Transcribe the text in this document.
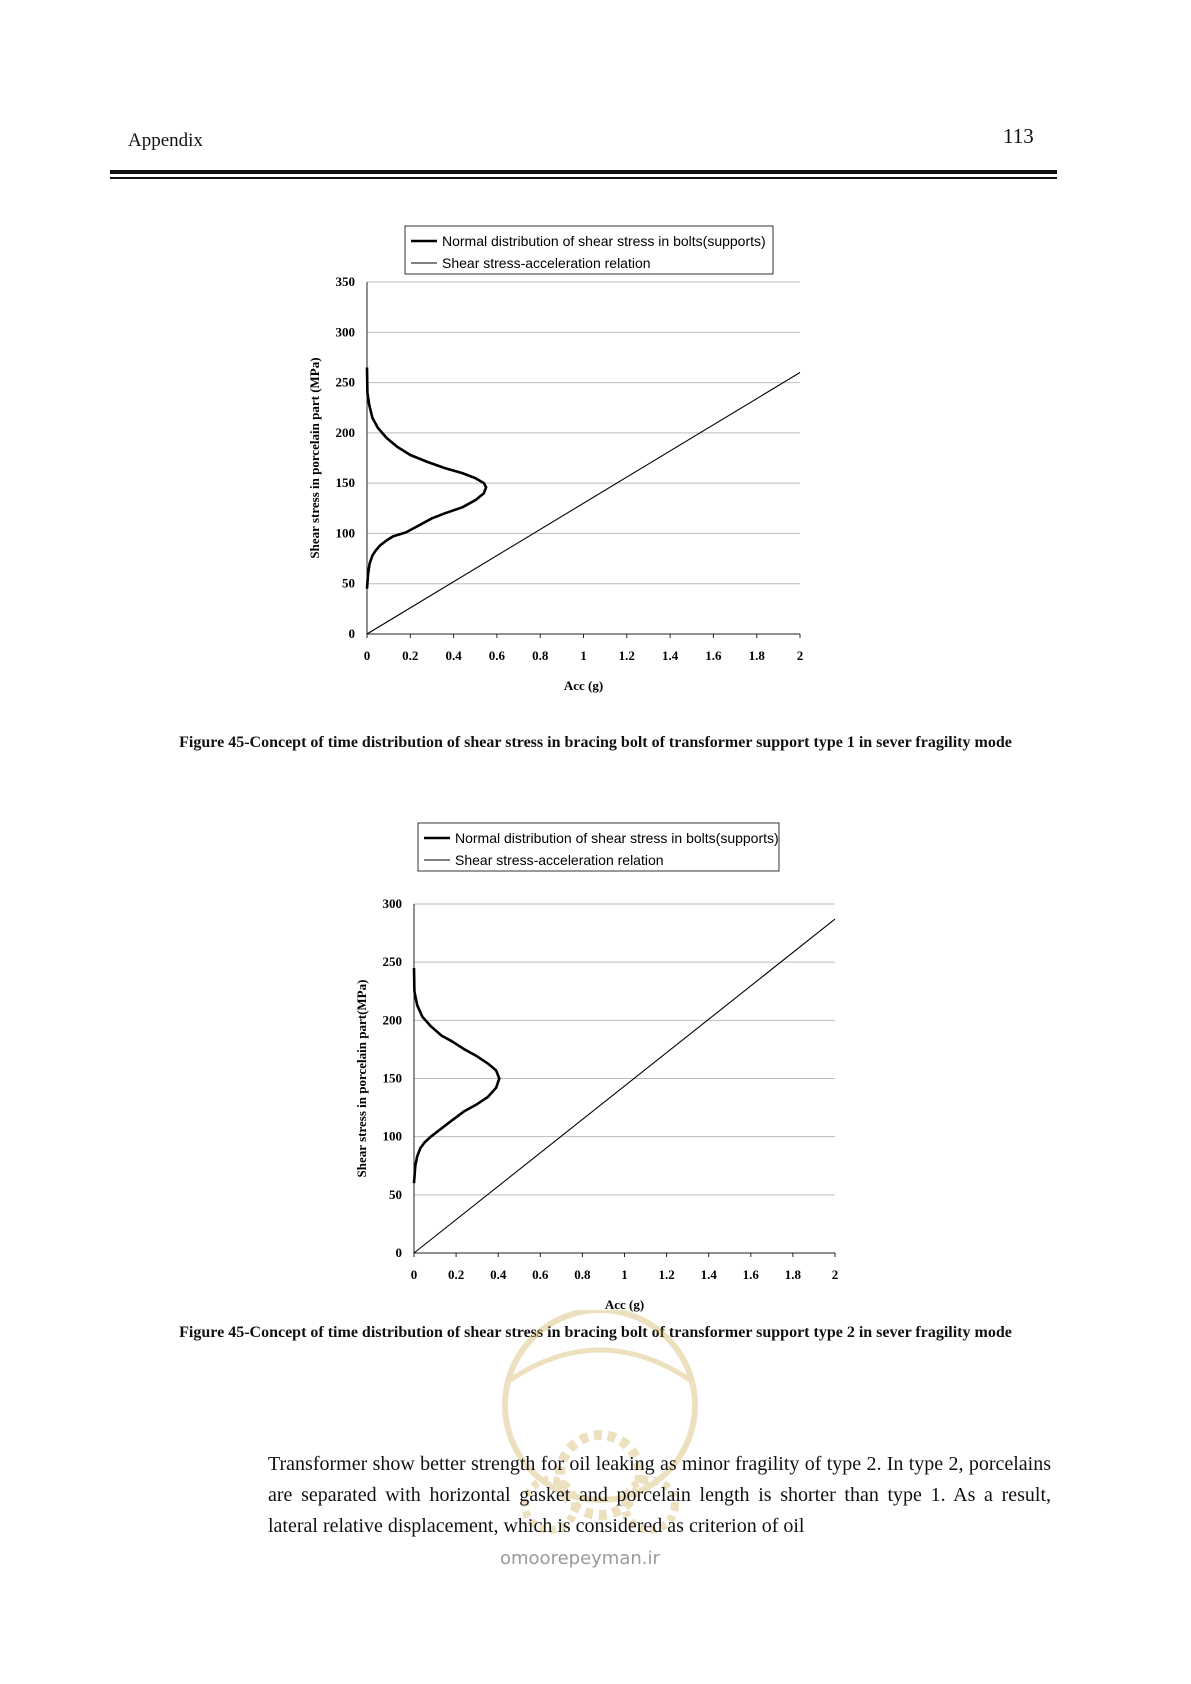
Appendix	113
0
50
100
150
200
250
300
350
0 0.2 0.4 0.6 0.8 1 1.2 1.4 1.6 1.8 2
Acc (g)
Shear stress in porcelain part (MPa)
Normal distribution of shear stress in bolts(supports)
Shear stress-acceleration relation
Figure 45-Concept of time distribution of shear stress in bracing bolt of transformer support type 1 in sever fragility mode
0
50
100
150
200
250
300
0 0.2 0.4 0.6 0.8 1 1.2 1.4 1.6 1.8 2
Acc (g)
Shear stress in porcelain part(MPa)
Normal distribution of shear stress in bolts(supports)
Shear stress-acceleration relation
Figure 45-Concept of time distribution of shear stress in bracing bolt of transformer support type 2 in sever fragility mode
omoorepeyman.ir
Transformer show better strength for oil leaking as minor fragility of type 2. In type 2, porcelains are separated with horizontal gasket and porcelain length is shorter than type 1. As a result, lateral relative displacement, which is considered as criterion of oil
